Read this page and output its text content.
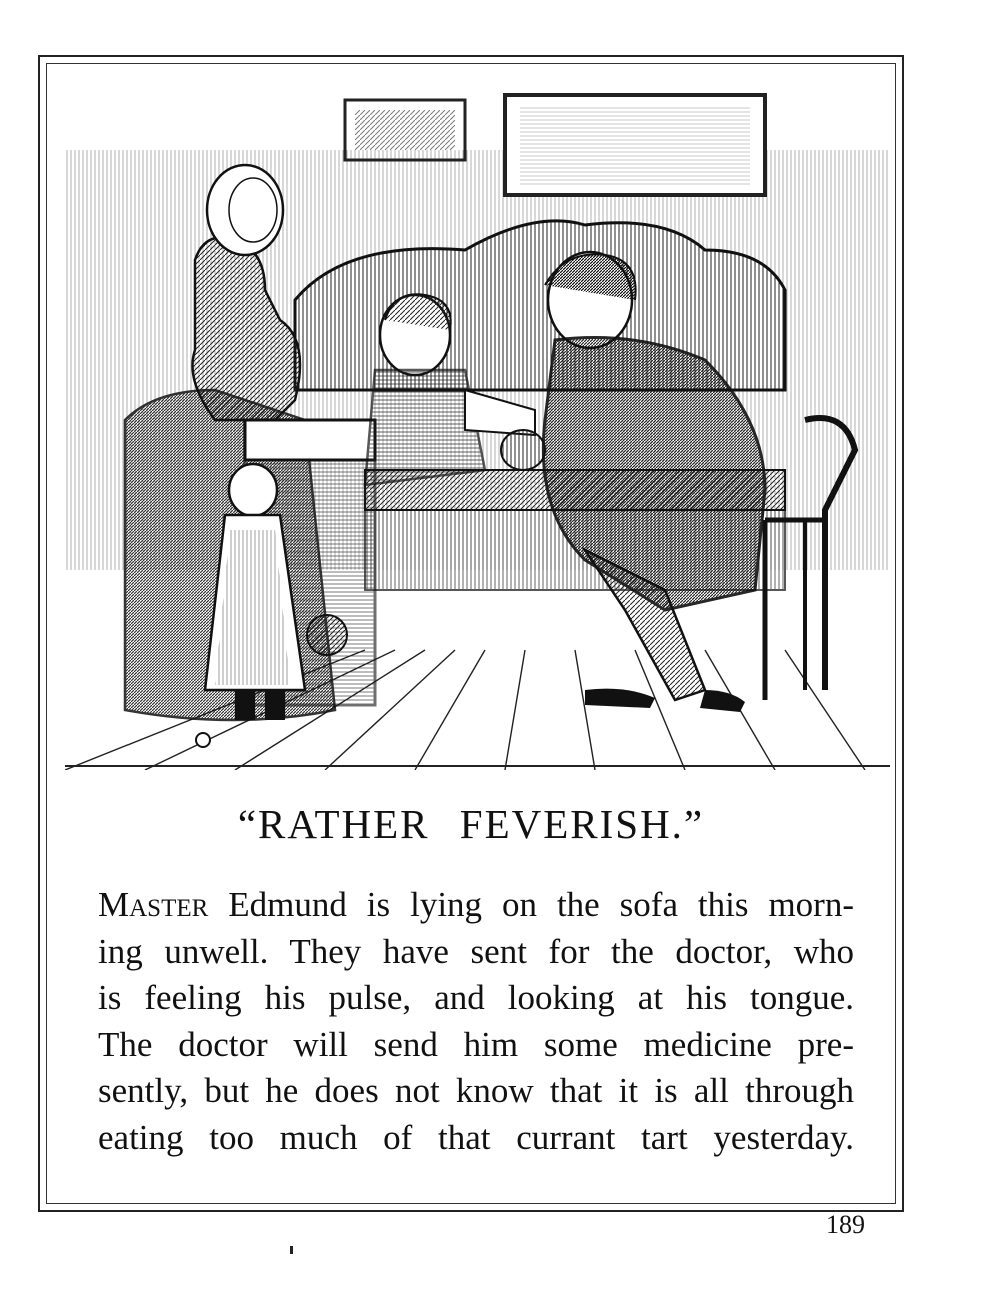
“RATHER FEVERISH.”

Master Edmund is lying on the sofa this morn-
ing unwell. They have sent for the doctor, who
is feeling his pulse, and looking at his tongue.
The doctor will send him some medicine pre-
sently, but he does not know that it is all through
eating too much of that currant tart yesterday.

189
